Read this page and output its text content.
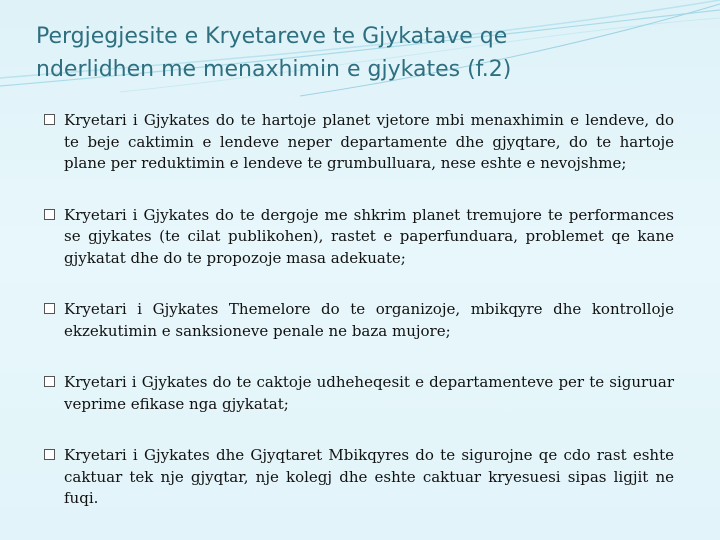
Pergjegjesite e Kryetareve te Gjykatave qe
nderlidhen me menaxhimin e gjykates (f.2)
Kryetari i Gjykates do te hartoje planet vjetore mbi menaxhimin e lendeve, do te beje caktimin e lendeve neper departamente dhe gjyqtare, do te hartoje plane per reduktimin e lendeve te grumbulluara, nese eshte e nevojshme;
Kryetari i Gjykates do te dergoje me shkrim planet tremujore te performances se gjykates (te cilat publikohen), rastet e paperfunduara, problemet qe kane gjykatat dhe do te propozoje masa adekuate;
Kryetari i Gjykates Themelore do te organizoje, mbikqyre dhe kontrolloje ekzekutimin e sanksioneve penale ne baza mujore;
Kryetari i Gjykates do te caktoje udheheqesit e departamenteve per te siguruar veprime efikase nga gjykatat;
Kryetari i Gjykates dhe Gjyqtaret Mbikqyres do te sigurojne qe cdo rast eshte caktuar tek nje gjyqtar, nje kolegj dhe eshte caktuar kryesuesi sipas ligjit ne fuqi.
